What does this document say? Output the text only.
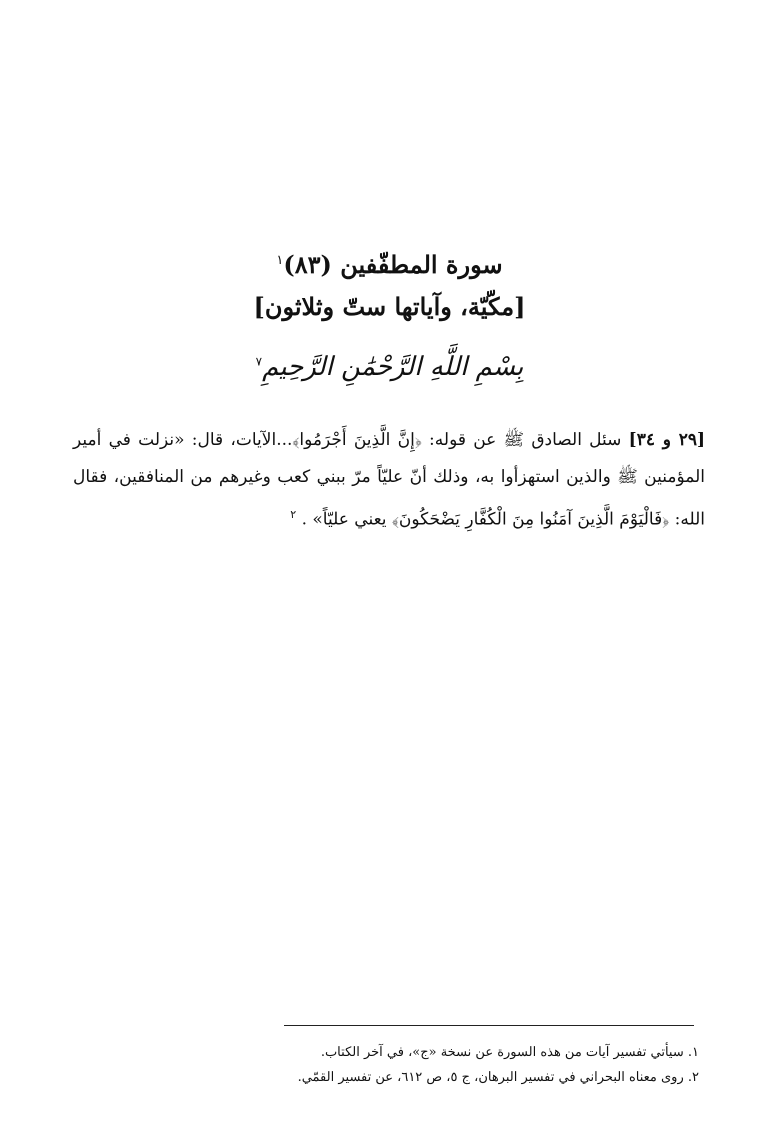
سورة المطفّفين (٨٣)$^١$
[مكّيّة، وآياتها ستّ وثلاثون]
بِسْمِ اللَّهِ الرَّحْمَٰنِ الرَّحِيمِ$^٧$
[٢٩ و ٣٤] سئل الصادق ﷺ عن قوله: ﴿إِنَّ الَّذِينَ أَجْرَمُوا﴾...الآيات، قال: «نزلت في أمير المؤمنين ﷺ والذين استهزأوا به، وذلك أنّ عليّاً مرّ ببني كعب وغيرهم من المنافقين، فقال الله: ﴿فَالْيَوْمَ الَّذِينَ آمَنُوا مِنَ الْكُفَّارِ يَضْحَكُونَ﴾ يعني عليّاً» . $^٢$
١. سيأتي تفسير آيات من هذه السورة عن نسخة «ج»، في آخر الكتاب.
٢. روى معناه البحراني في تفسير البرهان، ج ٥، ص ٦١٢، عن تفسير القمّي.
